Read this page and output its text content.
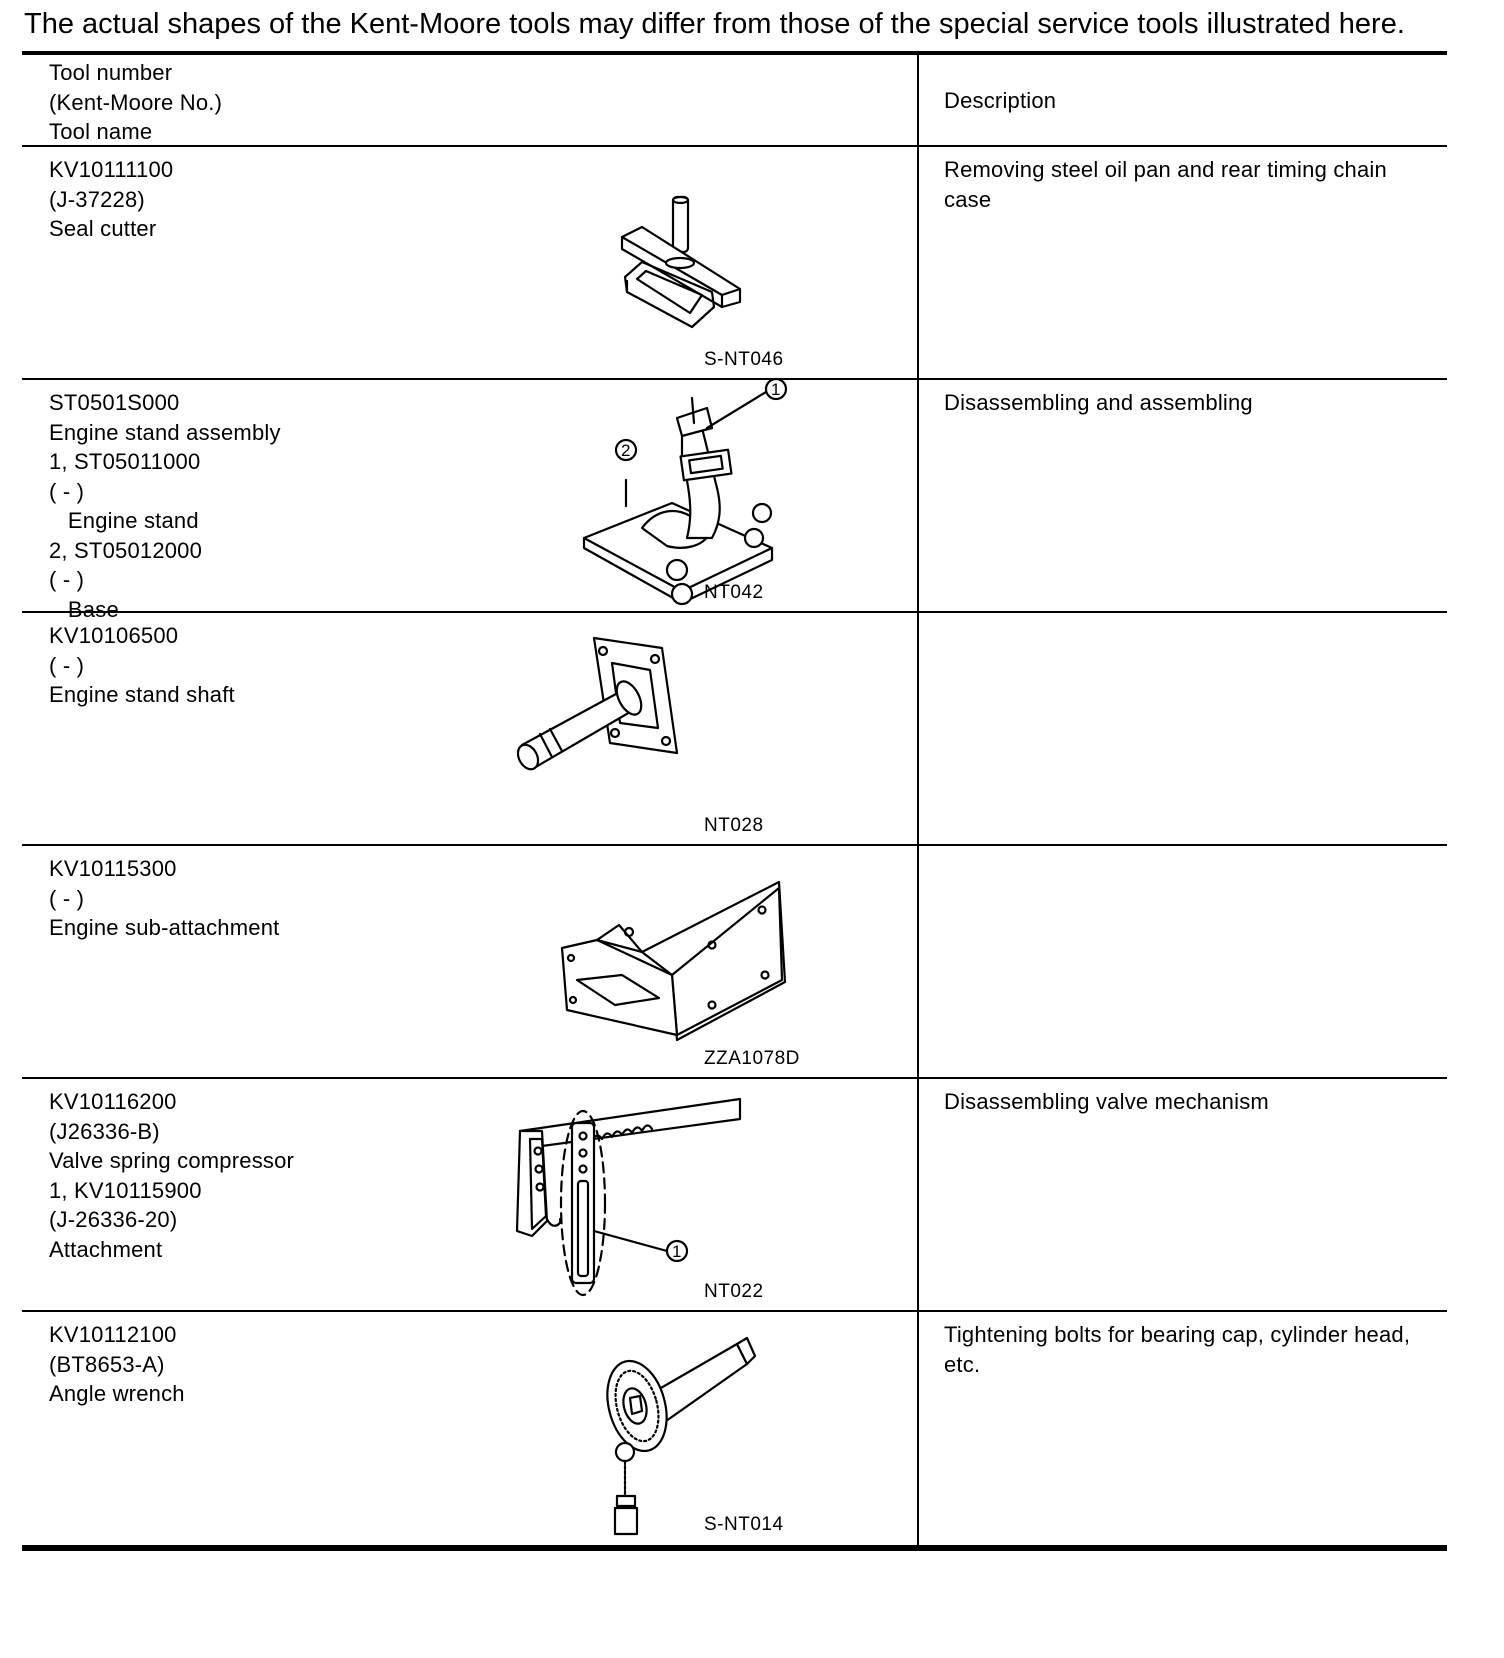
The actual shapes of the Kent-Moore tools may differ from those of the special service tools illustrated here.
Tool number
(Kent-Moore No.)
Tool name
Description
KV10111100
(J-37228)
Seal cutter
Removing steel oil pan and rear timing chain case
S-NT046
ST0501S000
Engine stand assembly
1, ST05011000
( - )
Engine stand
2, ST05012000
( - )
Base
Disassembling and assembling
1
2
NT042
KV10106500
( - )
Engine stand shaft
NT028
KV10115300
( - )
Engine sub-attachment
ZZA1078D
KV10116200
(J26336-B)
Valve spring compressor
1, KV10115900
(J-26336-20)
Attachment
Disassembling valve mechanism
1
NT022
KV10112100
(BT8653-A)
Angle wrench
Tightening bolts for bearing cap, cylinder head, etc.
S-NT014
